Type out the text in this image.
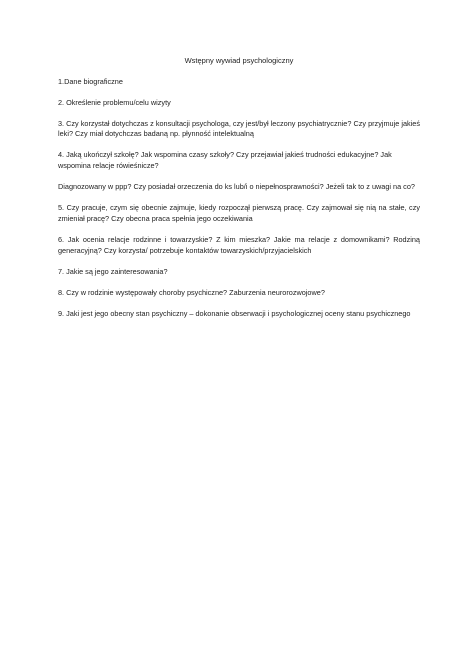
Wstępny wywiad psychologiczny

1.Dane biograficzne

2. Określenie problemu/celu wizyty

3. Czy korzystał dotychczas z konsultacji psychologa, czy jest/był leczony psychiatrycznie? Czy przyjmuje jakieś leki? Czy miał dotychczas badaną np. płynność intelektualną

4. Jaką ukończył szkołę? Jak wspomina czasy szkoły? Czy przejawiał jakieś trudności edukacyjne? Jak wspomina relacje rówieśnicze?

Diagnozowany w ppp? Czy posiadał orzeczenia do ks lub/i o niepełnosprawności? Jeżeli tak to z uwagi na co?

5. Czy pracuje, czym się obecnie zajmuje, kiedy rozpoczął pierwszą pracę. Czy zajmował się nią na stałe, czy zmieniał pracę? Czy obecna praca spełnia jego oczekiwania

6. Jak ocenia relacje rodzinne i towarzyskie? Z kim mieszka? Jakie ma relacje z domownikami? Rodziną generacyjną? Czy korzysta/ potrzebuje kontaktów towarzyskich/przyjacielskich

7. Jakie są jego zainteresowania?

8. Czy w rodzinie występowały choroby psychiczne? Zaburzenia neurorozwojowe?

9. Jaki jest jego obecny stan psychiczny – dokonanie obserwacji i psychologicznej oceny stanu psychicznego
